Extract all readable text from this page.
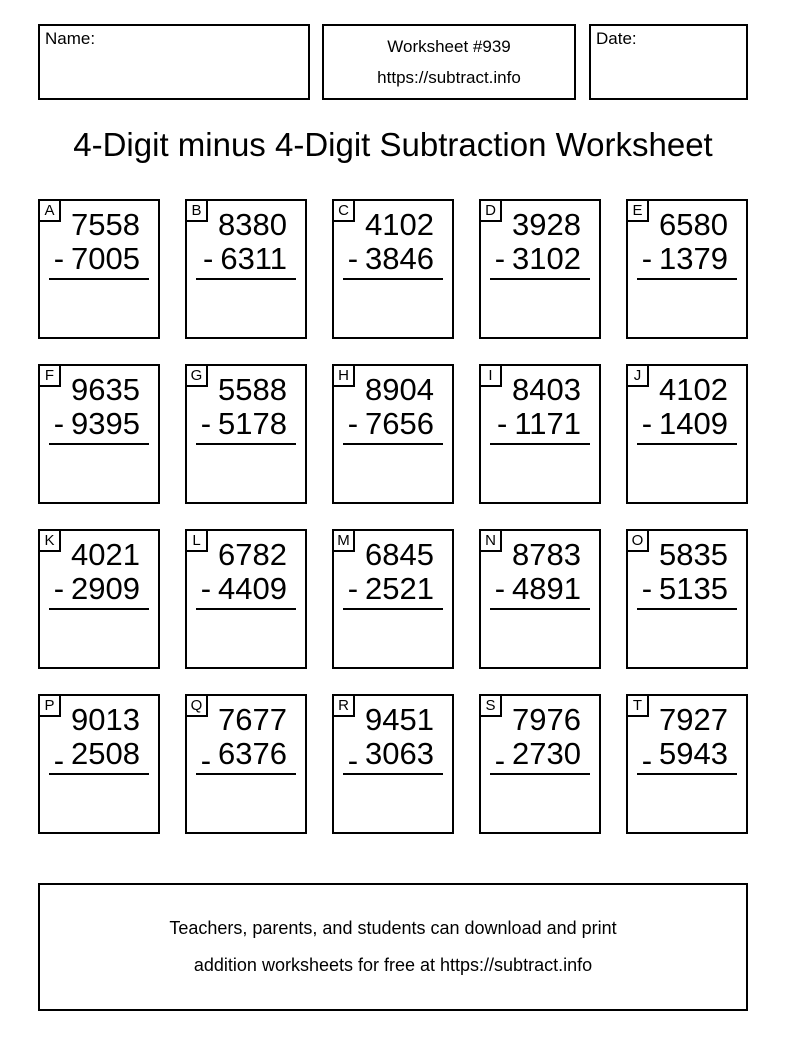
Name:	Worksheet #939
https://subtract.info
Date:
4-Digit minus 4-Digit Subtraction Worksheet
A 7558
- 7005
B 8380
- 6311
C 4102
- 3846
D 3928
- 3102
E 6580
- 1379
F 9635
- 9395
G 5588
- 5178
H 8904
- 7656
I 8403
- 1171
J 4102
- 1409
K 4021
- 2909
L 6782
- 4409
M 6845
- 2521
N 8783
- 4891
O 5835
- 5135
P 9013
- 2508
Q 7677
- 6376
R 9451
- 3063
S 7976
- 2730
T 7927
- 5943
Teachers, parents, and students can download and print
addition worksheets for free at https://subtract.info
